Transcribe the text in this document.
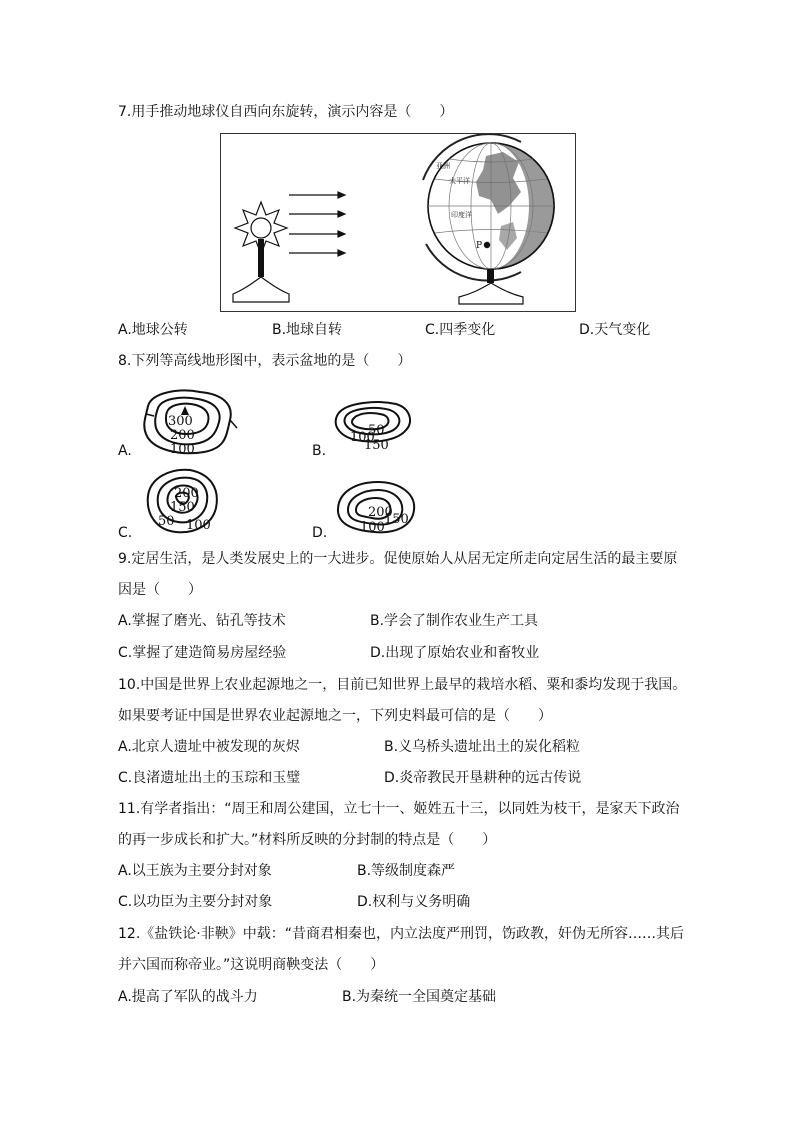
7.用手推动地球仪自西向东旋转，演示内容是（　　）
亚洲
太平洋
印度洋
P
A.地球公转	B.地球自转	C.四季变化	D.天气变化
8.下列等高线地形图中，表示盆地的是（　　）
A.
300
200
100	B.
50
100
150
C.
200
150
50 100	D.
200
150
100
9.定居生活，是人类发展史上的一大进步。促使原始人从居无定所走向定居生活的最主要原
因是（　　）
A.掌握了磨光、钻孔等技术	B.学会了制作农业生产工具
C.掌握了建造简易房屋经验	D.出现了原始农业和畜牧业
10.中国是世界上农业起源地之一，目前已知世界上最早的栽培水稻、粟和黍均发现于我国。
如果要考证中国是世界农业起源地之一，下列史料最可信的是（　　）
A.北京人遗址中被发现的灰烬	B.义乌桥头遗址出土的炭化稻粒
C.良渚遗址出土的玉琮和玉璧	D.炎帝教民开垦耕种的远古传说
11.有学者指出：“周王和周公建国，立七十一、姬姓五十三，以同姓为枝干，是家天下政治
的再一步成长和扩大。”材料所反映的分封制的特点是（　　）
A.以王族为主要分封对象	B.等级制度森严
C.以功臣为主要分封对象	D.权利与义务明确
12.《盐铁论·非鞅》中载：“昔商君相秦也，内立法度严刑罚，饬政教，奸伪无所容……其后
并六国而称帝业。”这说明商鞅变法（　　）
A.提高了军队的战斗力	B.为秦统一全国奠定基础
